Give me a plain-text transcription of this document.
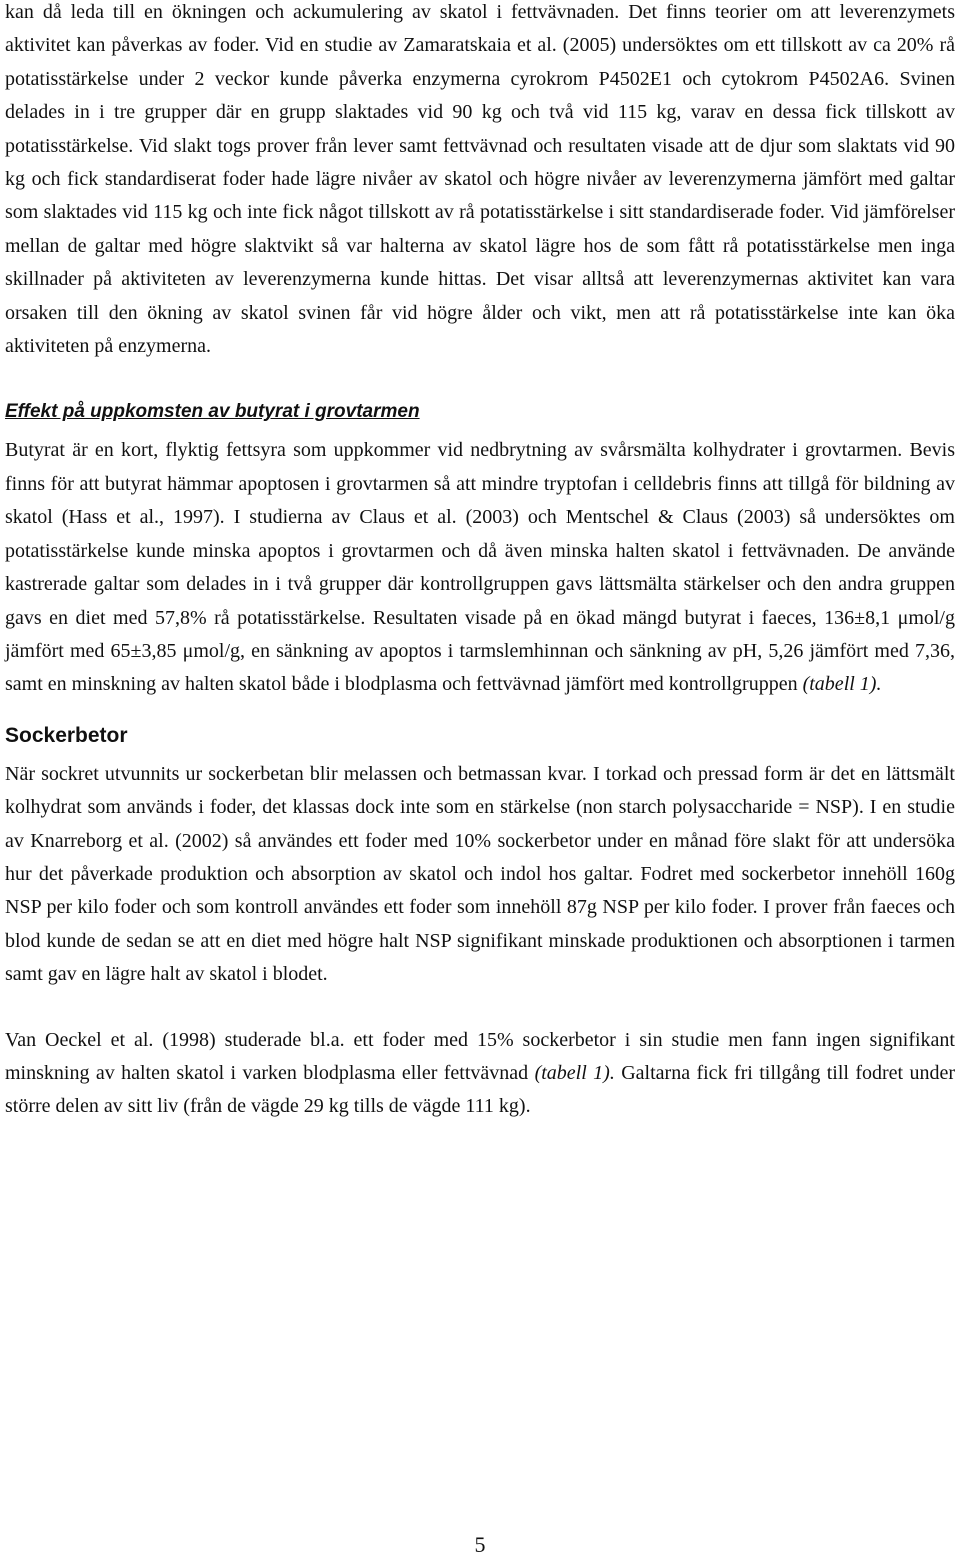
kan då leda till en ökningen och ackumulering av skatol i fettvävnaden. Det finns teorier om att leverenzymets aktivitet kan påverkas av foder. Vid en studie av Zamaratskaia et al. (2005) undersöktes om ett tillskott av ca 20% rå potatisstärkelse under 2 veckor kunde påverka enzymerna cyrokrom P4502E1 och cytokrom P4502A6. Svinen delades in i tre grupper där en grupp slaktades vid 90 kg och två vid 115 kg, varav en dessa fick tillskott av potatisstärkelse. Vid slakt togs prover från lever samt fettvävnad och resultaten visade att de djur som slaktats vid 90 kg och fick standardiserat foder hade lägre nivåer av skatol och högre nivåer av leverenzymerna jämfört med galtar som slaktades vid 115 kg och inte fick något tillskott av rå potatisstärkelse i sitt standardiserade foder. Vid jämförelser mellan de galtar med högre slaktvikt så var halterna av skatol lägre hos de som fått rå potatisstärkelse men inga skillnader på aktiviteten av leverenzymerna kunde hittas. Det visar alltså att leverenzymernas aktivitet kan vara orsaken till den ökning av skatol svinen får vid högre ålder och vikt, men att rå potatisstärkelse inte kan öka aktiviteten på enzymerna.

Effekt på uppkomsten av butyrat i grovtarmen

Butyrat är en kort, flyktig fettsyra som uppkommer vid nedbrytning av svårsmälta kolhydrater i grovtarmen. Bevis finns för att butyrat hämmar apoptosen i grovtarmen så att mindre tryptofan i celldebris finns att tillgå för bildning av skatol (Hass et al., 1997). I studierna av Claus et al. (2003) och Mentschel & Claus (2003) så undersöktes om potatisstärkelse kunde minska apoptos i grovtarmen och då även minska halten skatol i fettvävnaden. De använde kastrerade galtar som delades in i två grupper där kontrollgruppen gavs lättsmälta stärkelser och den andra gruppen gavs en diet med 57,8% rå potatisstärkelse. Resultaten visade på en ökad mängd butyrat i faeces, 136±8,1 μmol/g jämfört med 65±3,85 μmol/g, en sänkning av apoptos i tarmslemhinnan och sänkning av pH, 5,26 jämfört med 7,36, samt en minskning av halten skatol både i blodplasma och fettvävnad jämfört med kontrollgruppen (tabell 1).

Sockerbetor

När sockret utvunnits ur sockerbetan blir melassen och betmassan kvar. I torkad och pressad form är det en lättsmält kolhydrat som används i foder, det klassas dock inte som en stärkelse (non starch polysaccharide = NSP). I en studie av Knarreborg et al. (2002) så användes ett foder med 10% sockerbetor under en månad före slakt för att undersöka hur det påverkade produktion och absorption av skatol och indol hos galtar. Fodret med sockerbetor innehöll 160g NSP per kilo foder och som kontroll användes ett foder som innehöll 87g NSP per kilo foder. I prover från faeces och blod kunde de sedan se att en diet med högre halt NSP signifikant minskade produktionen och absorptionen i tarmen samt gav en lägre halt av skatol i blodet.

Van Oeckel et al. (1998) studerade bl.a. ett foder med 15% sockerbetor i sin studie men fann ingen signifikant minskning av halten skatol i varken blodplasma eller fettvävnad (tabell 1). Galtarna fick fri tillgång till fodret under större delen av sitt liv (från de vägde 29 kg tills de vägde 111 kg).

5
